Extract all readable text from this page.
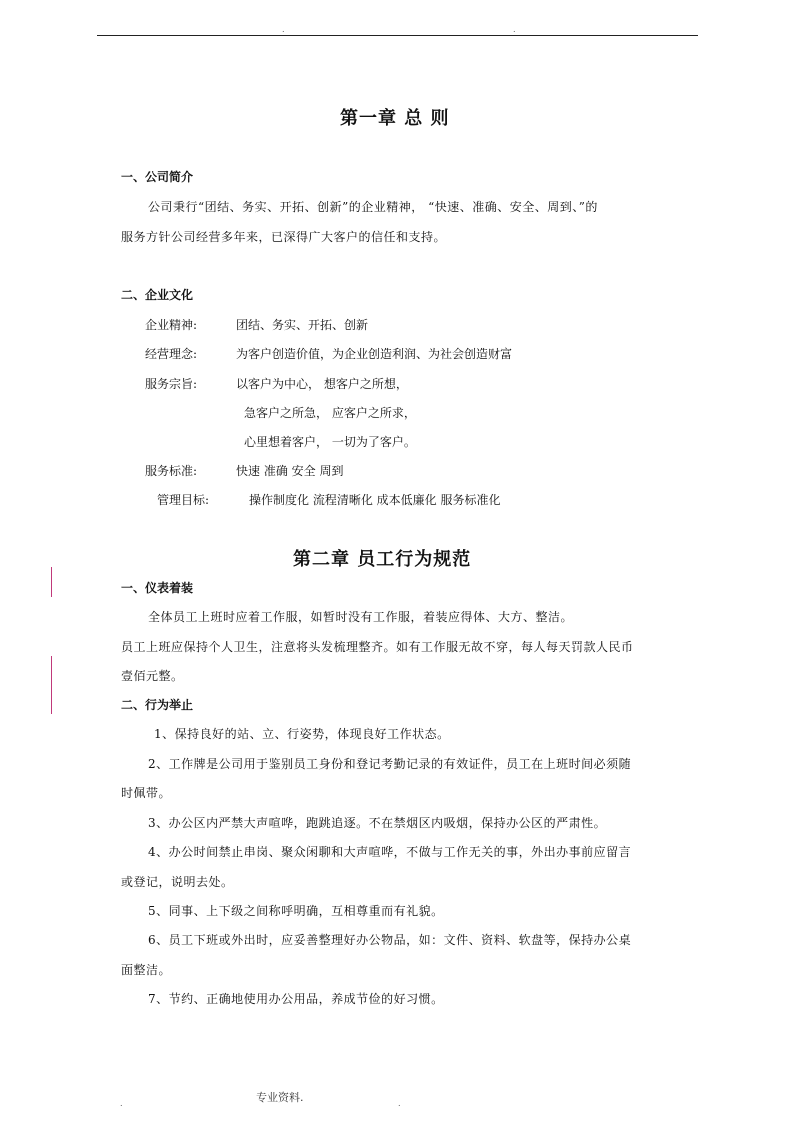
.	.
第一章 总 则
一、公司简介
公司秉行“团结、务实、开拓、创新”的企业精神， “快速、准确、安全、周到、”的
服务方针公司经营多年来，已深得广大客户的信任和支持。
二、企业文化
企业精神:	团结、务实、开拓、创新
经营理念:	为客户创造价值，为企业创造利润、为社会创造财富
服务宗旨:	以客户为中心， 想客户之所想，
急客户之所急， 应客户之所求，
心里想着客户， 一切为了客户。
服务标准:	快速 准确 安全 周到
管理目标:	操作制度化 流程清晰化 成本低廉化 服务标准化
第二章 员工行为规范
一、仪表着装
全体员工上班时应着工作服，如暂时没有工作服，着装应得体、大方、整洁。
员工上班应保持个人卫生，注意将头发梳理整齐。如有工作服无故不穿，每人每天罚款人民币
壹佰元整。
二、行为举止
1、保持良好的站、立、行姿势，体现良好工作状态。
2、工作牌是公司用于鉴别员工身份和登记考勤记录的有效证件，员工在上班时间必须随
时佩带。
3、办公区内严禁大声喧哗，跑跳追逐。不在禁烟区内吸烟，保持办公区的严肃性。
4、办公时间禁止串岗、聚众闲聊和大声喧哗，不做与工作无关的事，外出办事前应留言
或登记，说明去处。
5、同事、上下级之间称呼明确，互相尊重而有礼貌。
6、员工下班或外出时，应妥善整理好办公物品，如：文件、资料、软盘等，保持办公桌
面整洁。
7、节约、正确地使用办公用品，养成节俭的好习惯。
.	专业资料.	.
